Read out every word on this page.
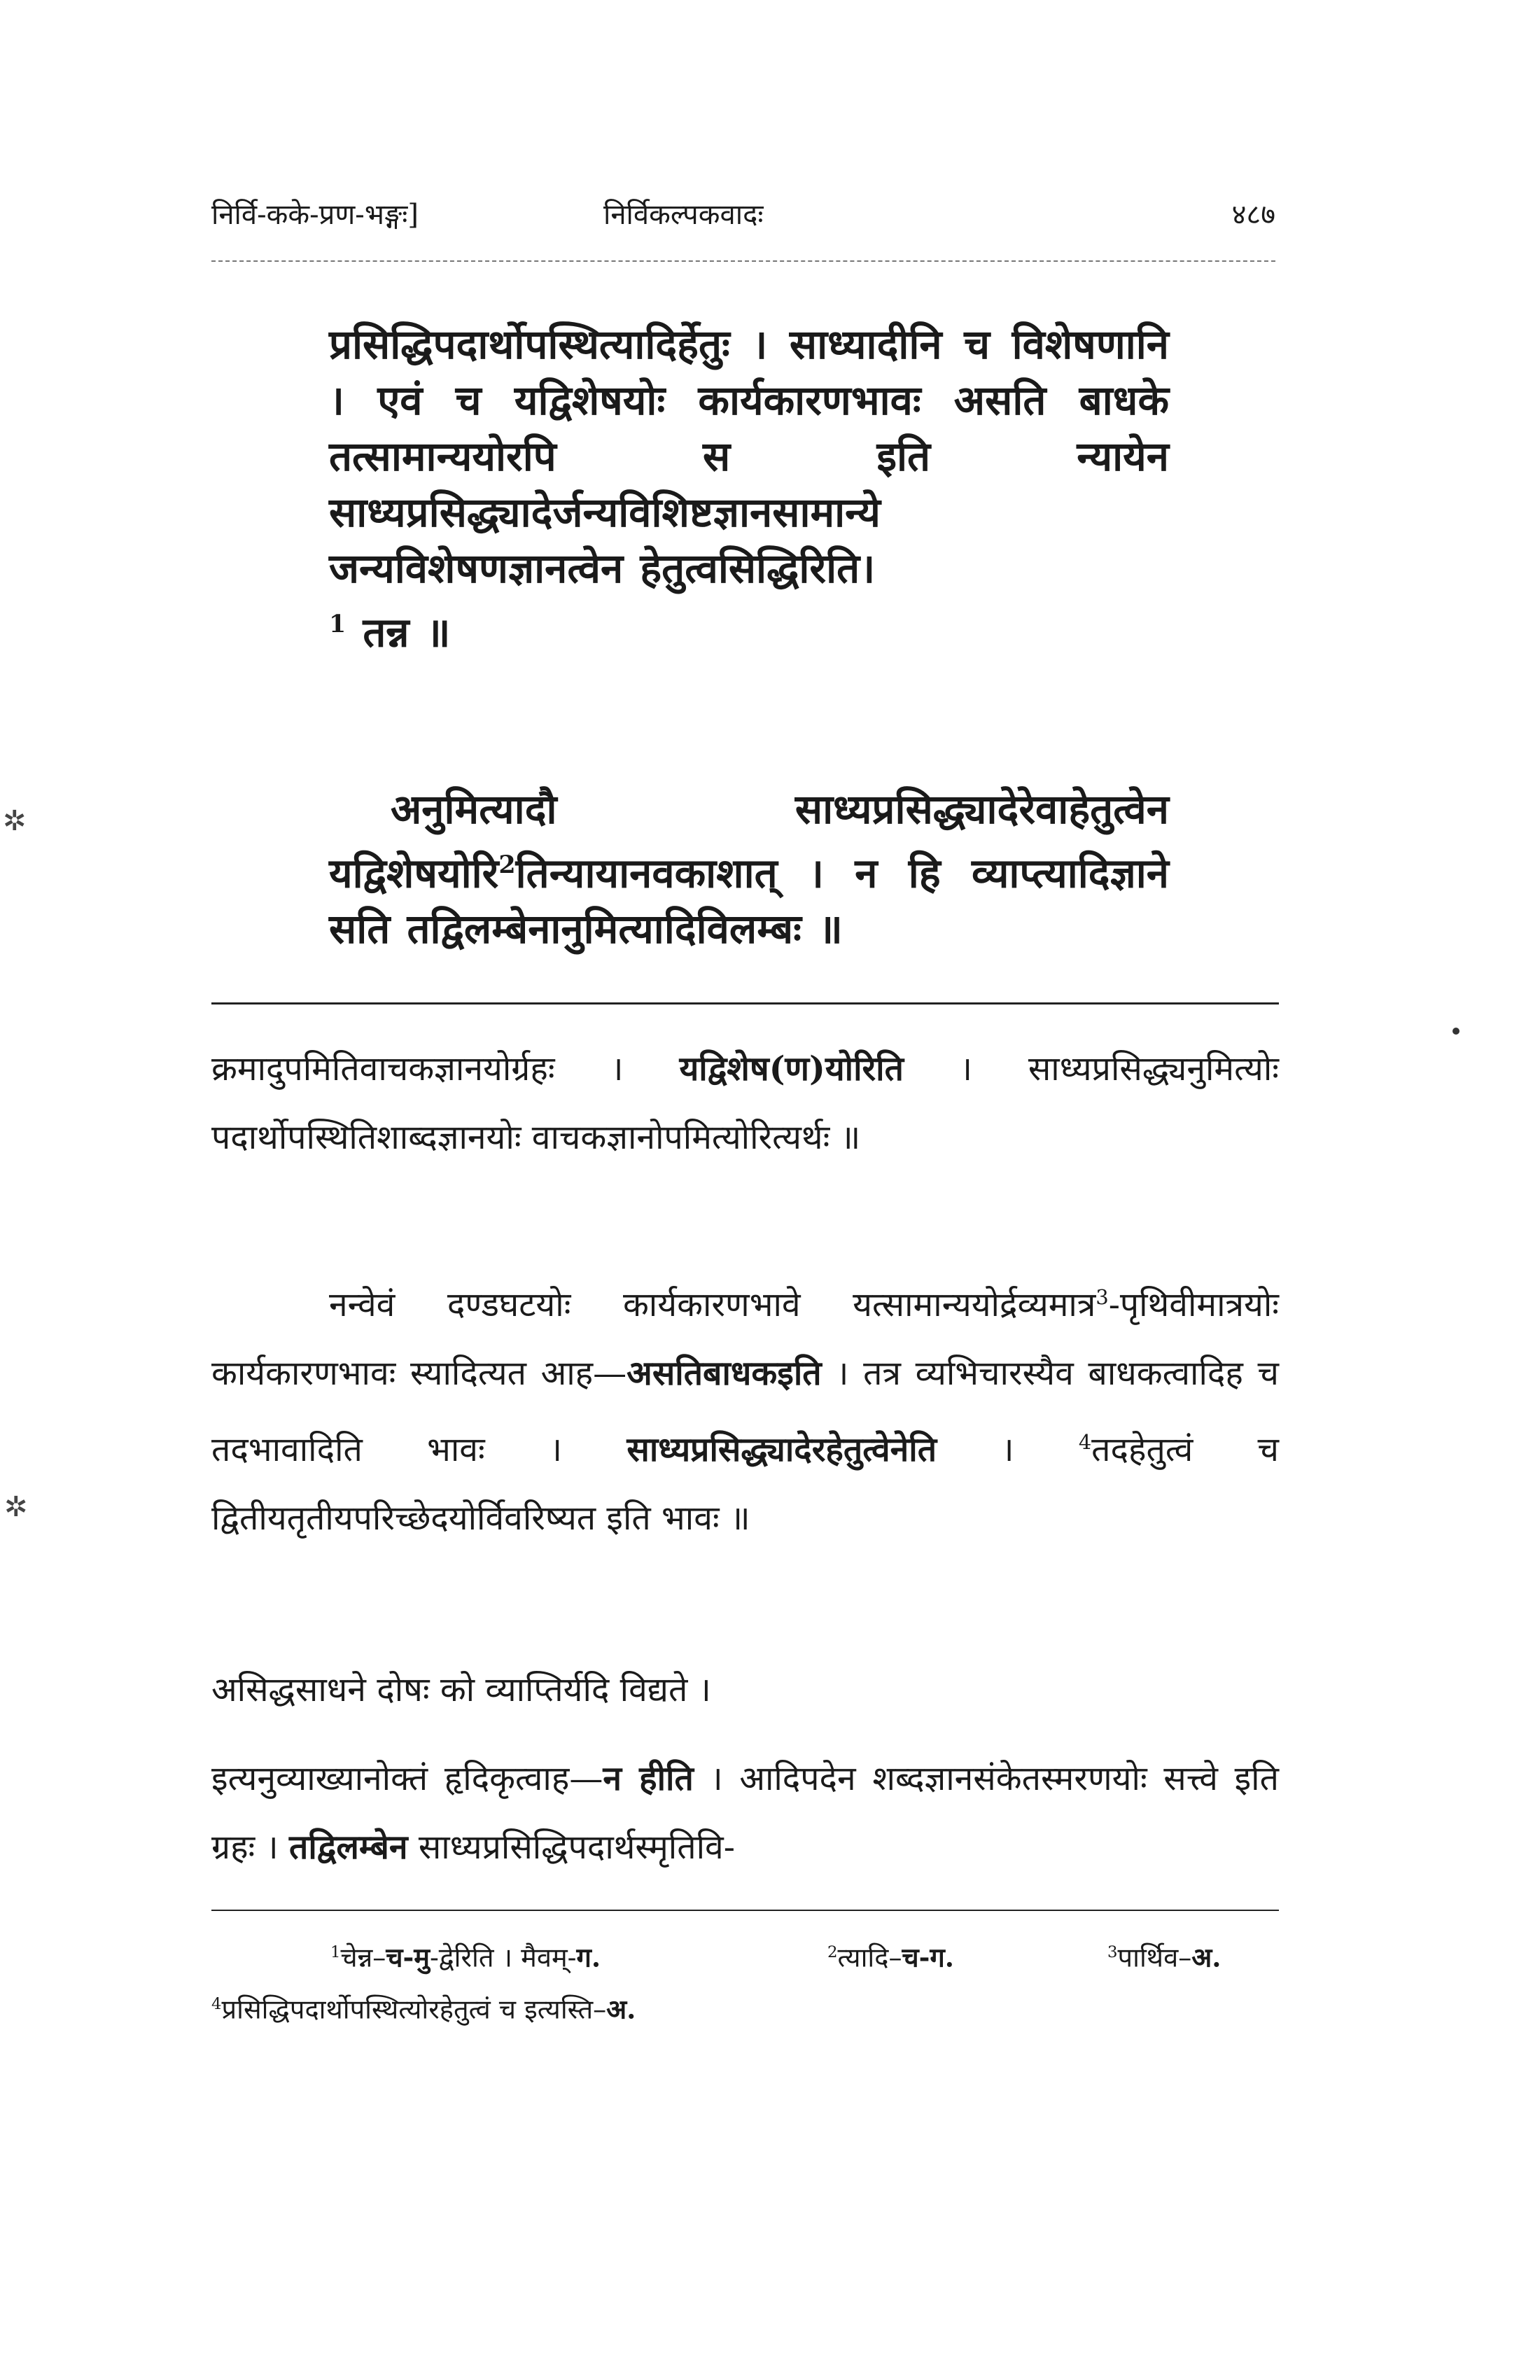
निर्वि-कके-प्रण-भङ्गः]	निर्विकल्पकवादः	४८७

प्रसिद्धिपदार्थोपस्थित्यादिर्हेतुः । साध्यादीनि च विशेषणानि । एवं च यद्विशेषयोः कार्यकारणभावः असति बाधके तत्सामान्ययोरपि स इति न्यायेन साध्यप्रसिद्ध्यादेर्जन्यविशिष्टज्ञानसामान्ये जन्यविशेषणज्ञानत्वेन हेतुत्वसिद्धिरिति।
$^1$ तन्न ॥

अनुमित्यादौ साध्यप्रसिद्ध्यादेरेवाहेतुत्वेन यद्विशेषयोरि$^2$तिन्यायानवकाशात् । न हि व्याप्त्यादिज्ञाने सति तद्विलम्बेनानुमित्यादिविलम्बः ॥

क्रमादुपमितिवाचकज्ञानयोर्ग्रहः । यद्विशेष(ण)योरिति । साध्यप्रसिद्ध्यनुमित्योः पदार्थोपस्थितिशाब्दज्ञानयोः वाचकज्ञानोपमित्योरित्यर्थः ॥

नन्वेवं दण्डघटयोः कार्यकारणभावे यत्सामान्ययोर्द्रव्यमात्र$^3$-पृथिवीमात्रयोः कार्यकारणभावः स्यादित्यत आह—असतिबाधकइति । तत्र व्यभिचारस्यैव बाधकत्वादिह च तदभावादिति भावः । साध्यप्रसिद्ध्यादेरहेतुत्वेनेति । $^4$तदहेतुत्वं च द्वितीयतृतीयपरिच्छेदयोर्विवरिष्यत इति भावः ॥

असिद्धसाधने दोषः को व्याप्तिर्यदि विद्यते ।

इत्यनुव्याख्यानोक्तं हृदिकृत्वाह—न हीति । आदिपदेन शब्दज्ञानसंकेतस्मरणयोः सत्त्वे इति ग्रहः । तद्विलम्बेन साध्यप्रसिद्धिपदार्थस्मृतिवि-

$^1$चेन्न–च-मु-द्वेरिति । मैवम्-ग.	$^2$त्यादि–च-ग.	$^3$पार्थिव–अ.
$^4$प्रसिद्धिपदार्थोपस्थित्योरहेतुत्वं च इत्यस्ति–अ.
✲
✲
